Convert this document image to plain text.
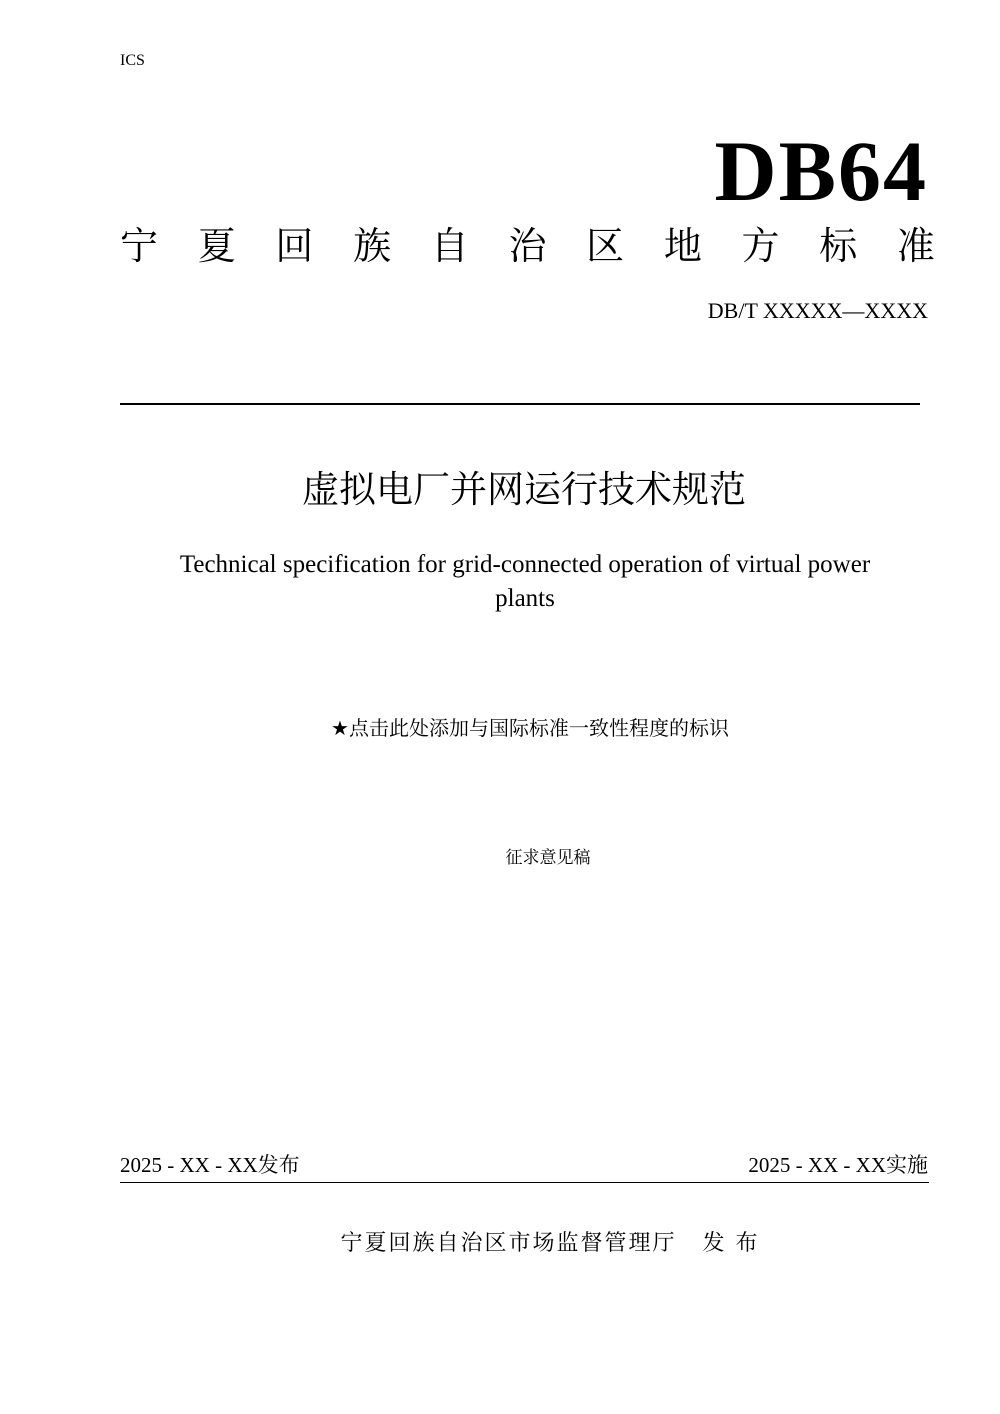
ICS
DB64
宁 夏 回 族 自 治 区 地 方 标 准
DB/T XXXXX—XXXX
虚拟电厂并网运行技术规范
Technical specification for grid-connected operation of virtual power
plants
★点击此处添加与国际标准一致性程度的标识
征求意见稿
2025 - XX - XX发布	2025 - XX - XX实施
宁夏回族自治区市场监督管理厅 发 布
